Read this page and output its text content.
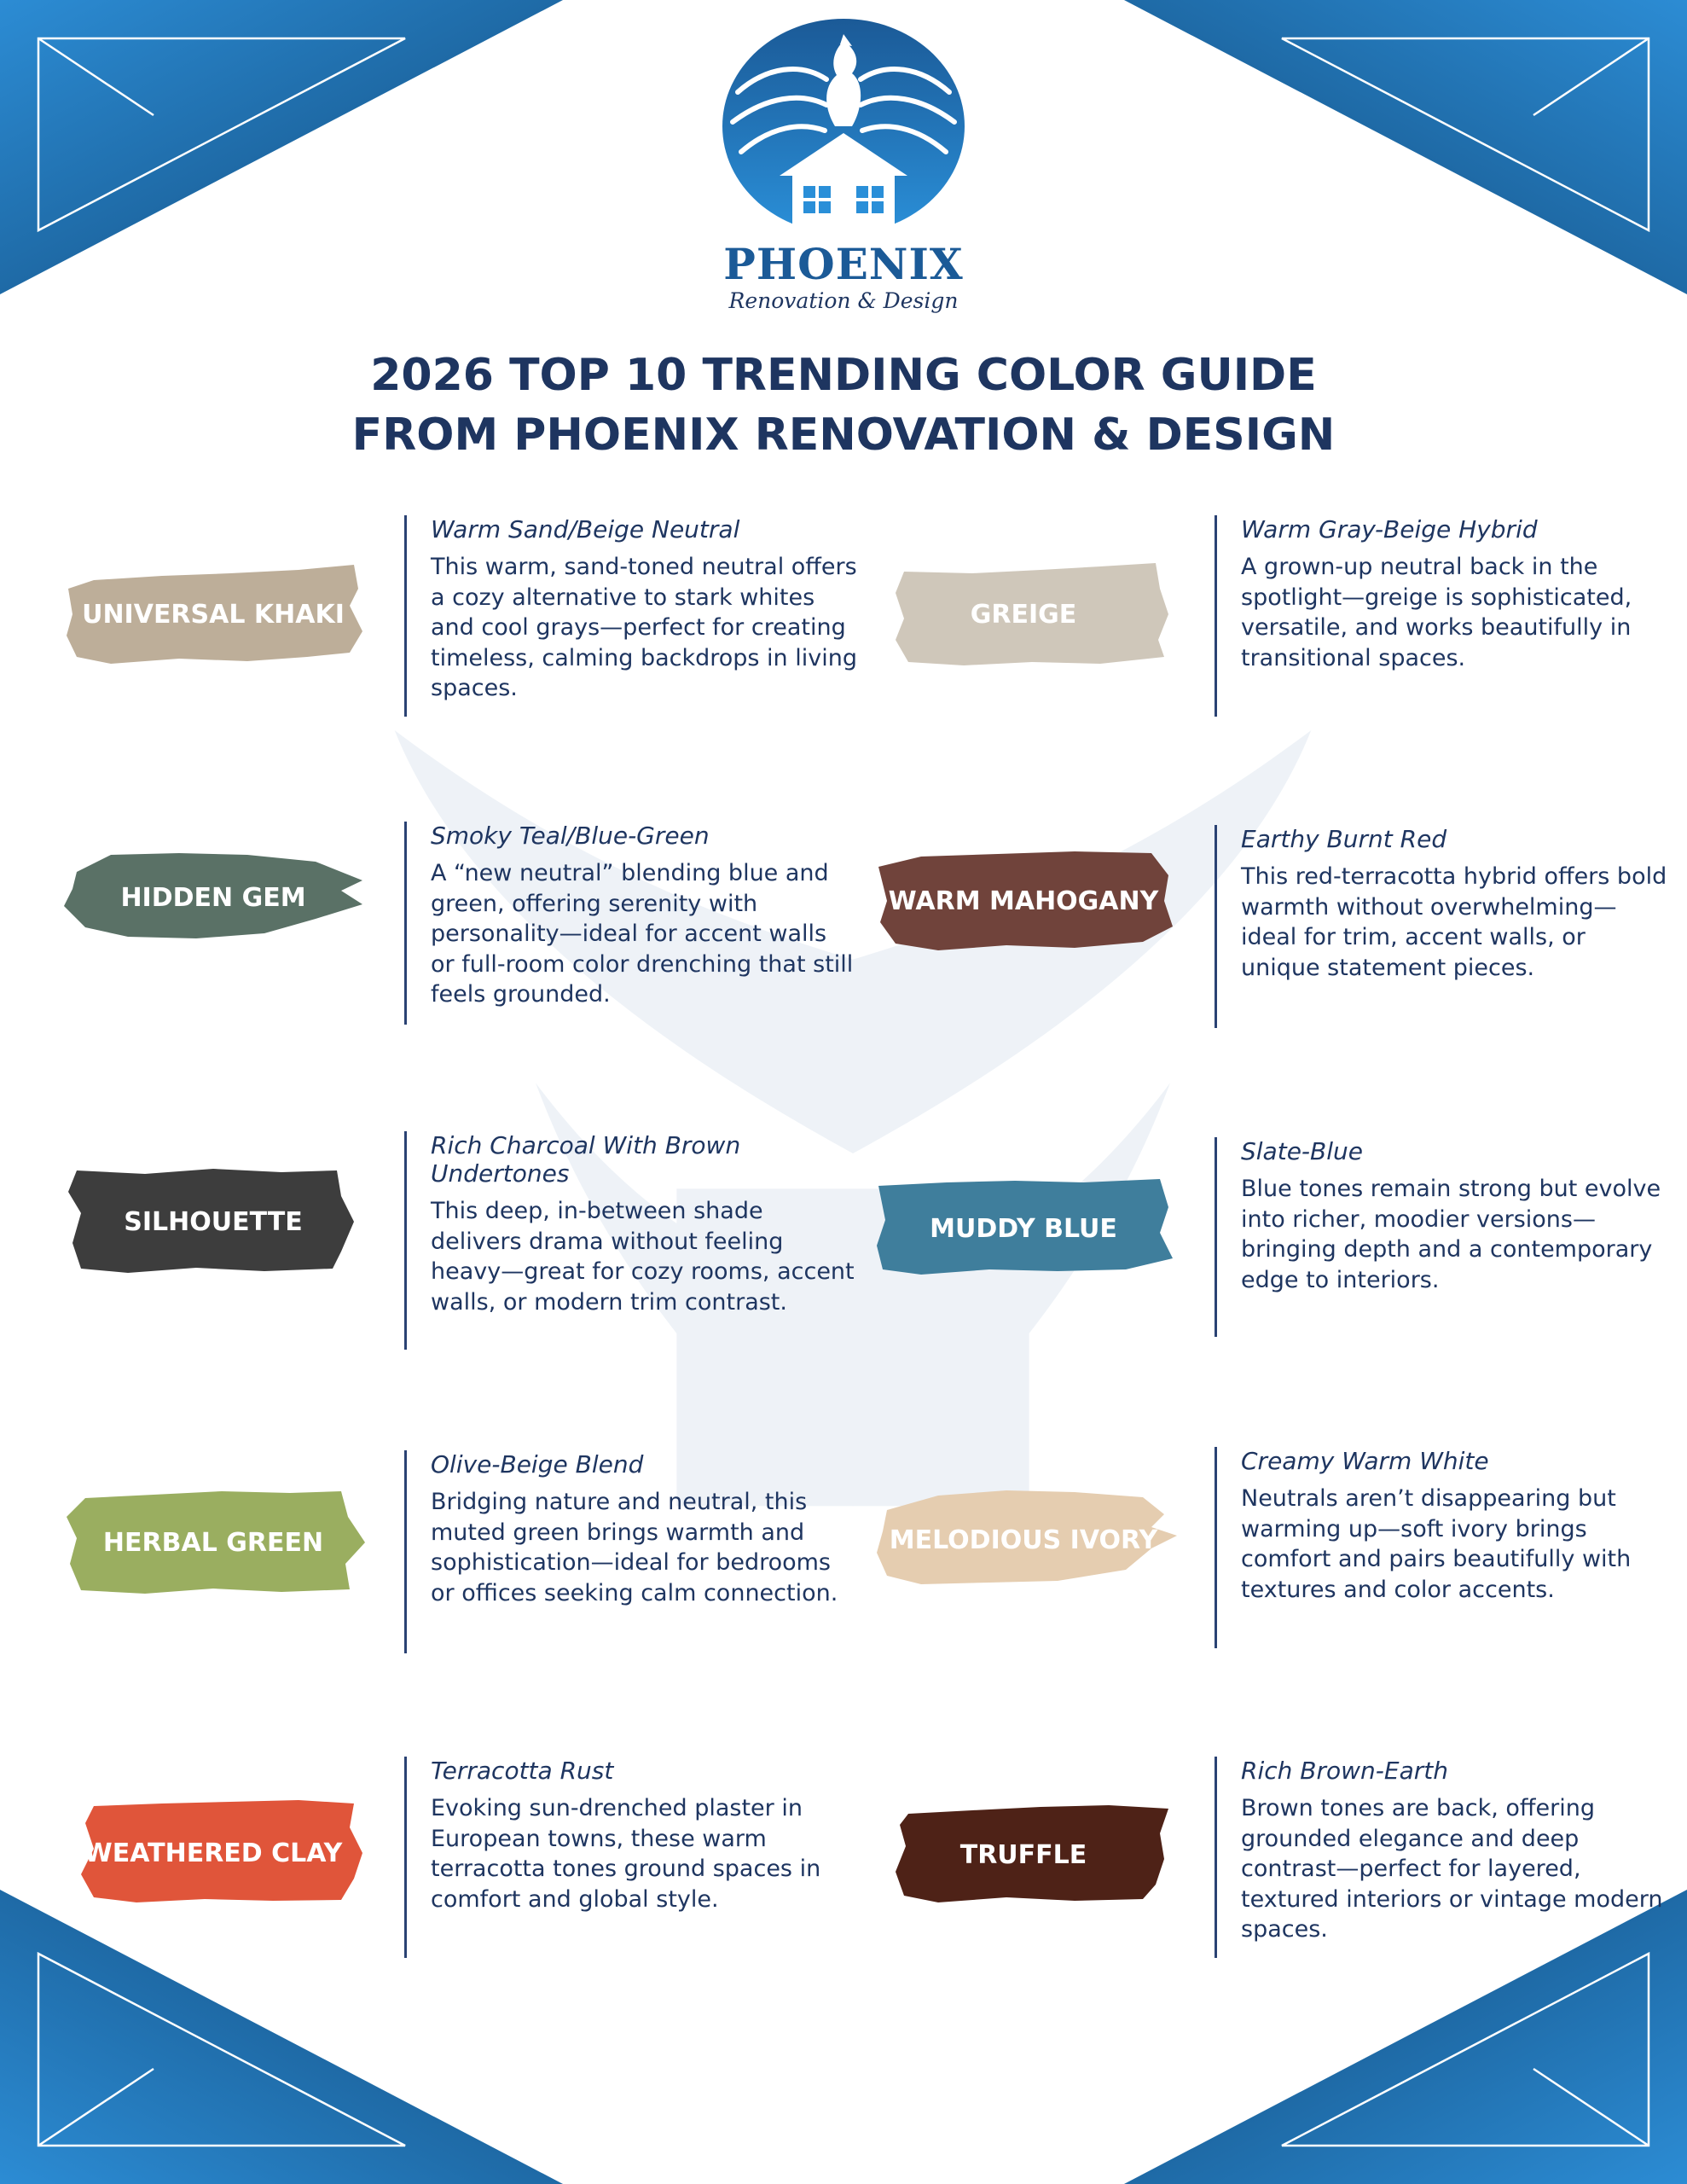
PHOENIX
Renovation & Design
2026 TOP 10 TRENDING COLOR GUIDE
FROM PHOENIX RENOVATION & DESIGN
UNIVERSAL KHAKI
Warm Sand/Beige Neutral
This warm, sand-toned neutral offers a cozy alternative to stark whites and cool grays—perfect for creating timeless, calming backdrops in living spaces.
GREIGE
Warm Gray-Beige Hybrid
A grown-up neutral back in the spotlight—greige is sophisticated, versatile, and works beautifully in transitional spaces.
HIDDEN GEM
Smoky Teal/Blue-Green
A “new neutral” blending blue and green, offering serenity with personality—ideal for accent walls or full-room color drenching that still feels grounded.
WARM MAHOGANY
Earthy Burnt Red
This red-terracotta hybrid offers bold warmth without overwhelming—ideal for trim, accent walls, or unique statement pieces.
SILHOUETTE
Rich Charcoal With Brown Undertones
This deep, in-between shade delivers drama without feeling heavy—great for cozy rooms, accent walls, or modern trim contrast.
MUDDY BLUE
Slate-Blue
Blue tones remain strong but evolve into richer, moodier versions—bringing depth and a contemporary edge to interiors.
HERBAL GREEN
Olive-Beige Blend
Bridging nature and neutral, this muted green brings warmth and sophistication—ideal for bedrooms or offices seeking calm connection.
MELODIOUS IVORY
Creamy Warm White
Neutrals aren’t disappearing but warming up—soft ivory brings comfort and pairs beautifully with textures and color accents.
WEATHERED CLAY
Terracotta Rust
Evoking sun-drenched plaster in European towns, these warm terracotta tones ground spaces in comfort and global style.
TRUFFLE
Rich Brown-Earth
Brown tones are back, offering grounded elegance and deep contrast—perfect for layered, textured interiors or vintage modern spaces.
